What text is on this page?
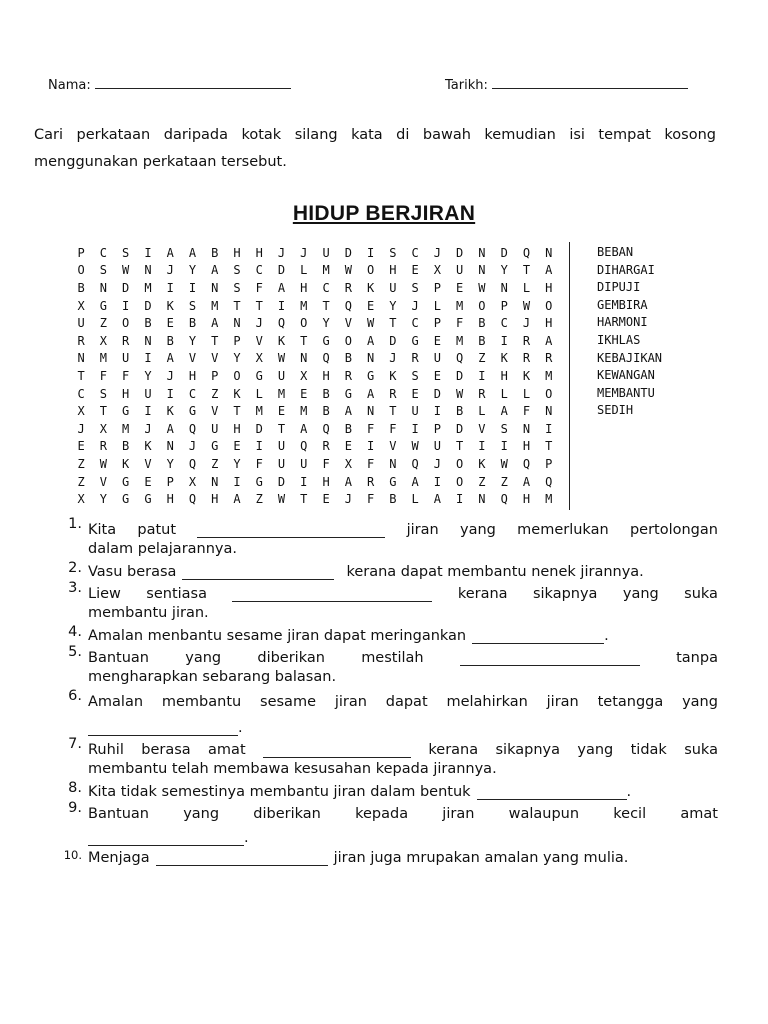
Nama:	Tarikh:
Cari perkataan daripada kotak silang kata di bawah kemudian isi tempat kosong menggunakan perkataan tersebut.
HIDUP BERJIRAN
P	C	S	I	A	A	B	H	H	J	J	U	D	I	S	C	J	D	N	D	Q	N
O	S	W	N	J	Y	A	S	C	D	L	M	W	O	H	E	X	U	N	Y	T	A
B	N	D	M	I	I	N	S	F	A	H	C	R	K	U	S	P	E	W	N	L	H
X	G	I	D	K	S	M	T	T	I	M	T	Q	E	Y	J	L	M	O	P	W	O
U	Z	O	B	E	B	A	N	J	Q	O	Y	V	W	T	C	P	F	B	C	J	H
R	X	R	N	B	Y	T	P	V	K	T	G	O	A	D	G	E	M	B	I	R	A
N	M	U	I	A	V	V	Y	X	W	N	Q	B	N	J	R	U	Q	Z	K	R	R
T	F	F	Y	J	H	P	O	G	U	X	H	R	G	K	S	E	D	I	H	K	M
C	S	H	U	I	C	Z	K	L	M	E	B	G	A	R	E	D	W	R	L	L	O
X	T	G	I	K	G	V	T	M	E	M	B	A	N	T	U	I	B	L	A	F	N
J	X	M	J	A	Q	U	H	D	T	A	Q	B	F	F	I	P	D	V	S	N	I
E	R	B	K	N	J	G	E	I	U	Q	R	E	I	V	W	U	T	I	I	H	T
Z	W	K	V	Y	Q	Z	Y	F	U	U	F	X	F	N	Q	J	O	K	W	Q	P
Z	V	G	E	P	X	N	I	G	D	I	H	A	R	G	A	I	O	Z	Z	A	Q
X	Y	G	G	H	Q	H	A	Z	W	T	E	J	F	B	L	A	I	N	Q	H	M
BEBAN
DIHARGAI
DIPUJI
GEMBIRA
HARMONI
IKHLAS
KEBAJIKAN
KEWANGAN
MEMBANTU
SEDIH
1. Kita patut	jiran yang memerlukan pertolongan
dalam pelajarannya.
2. Vasu berasa	kerana dapat membantu nenek jirannya.
3. Liew sentiasa	kerana sikapnya yang suka
membantu jiran.
4. Amalan menbantu sesame jiran dapat meringankan	.
5. Bantuan	yang	diberikan	mestilah	tanpa
mengharapkan sebarang balasan.
6. Amalan membantu sesame jiran dapat melahirkan jiran tetangga yang
.
7. Ruhil berasa amat	kerana sikapnya yang tidak suka
membantu telah membawa kesusahan kepada jirannya.
8. Kita tidak semestinya membantu jiran dalam bentuk	.
9. Bantuan yang diberikan kepada jiran walaupun kecil amat
.
10. Menjaga	jiran juga mrupakan amalan yang mulia.
